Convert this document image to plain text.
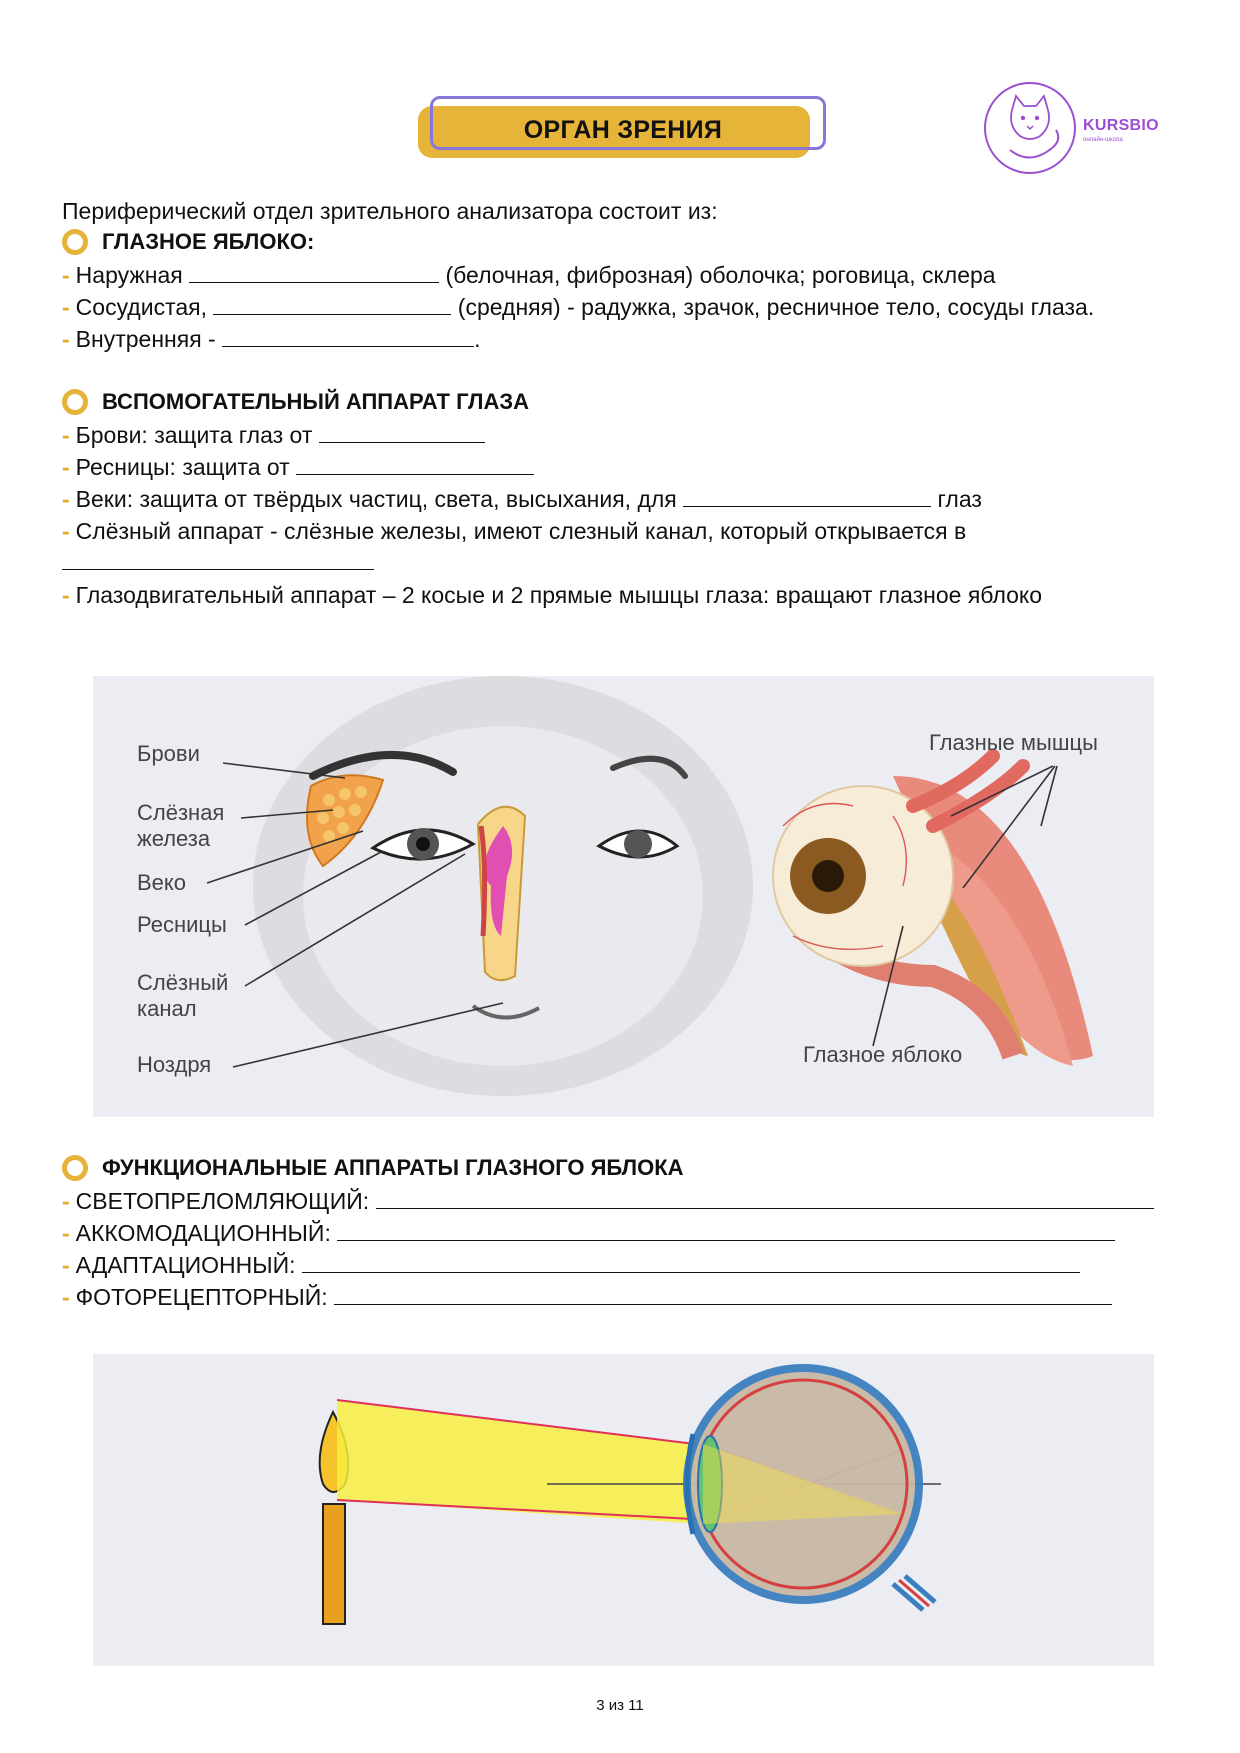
ОРГАН ЗРЕНИЯ	KURSBIO
онлайн-школа
Периферический отдел зрительного анализатора состоит из:
ГЛАЗНОЕ ЯБЛОКО:
- Наружная	(белочная, фиброзная) оболочка; роговица, склера
- Сосудистая,	(средняя) - радужка, зрачок, ресничное тело, сосуды глаза.
- Внутренняя -	.
ВСПОМОГАТЕЛЬНЫЙ АППАРАТ ГЛАЗА
- Брови: защита глаз от
- Ресницы: защита от
- Веки: защита от твёрдых частиц, света, высыхания, для	глаз
- Слёзный аппарат - слёзные железы, имеют слезный канал, который открывается в
- Глазодвигательный аппарат – 2 косые и 2 прямые мышцы глаза: вращают глазное яблоко
Брови
Слёзная
железа
Веко
Ресницы
Слёзный
канал
Ноздря
Глазные мышцы
Глазное яблоко
ФУНКЦИОНАЛЬНЫЕ АППАРАТЫ ГЛАЗНОГО ЯБЛОКА
- СВЕТОПРЕЛОМЛЯЮЩИЙ:
- АККОМОДАЦИОННЫЙ:
- АДАПТАЦИОННЫЙ:
- ФОТОРЕЦЕПТОРНЫЙ:
3 из 11
